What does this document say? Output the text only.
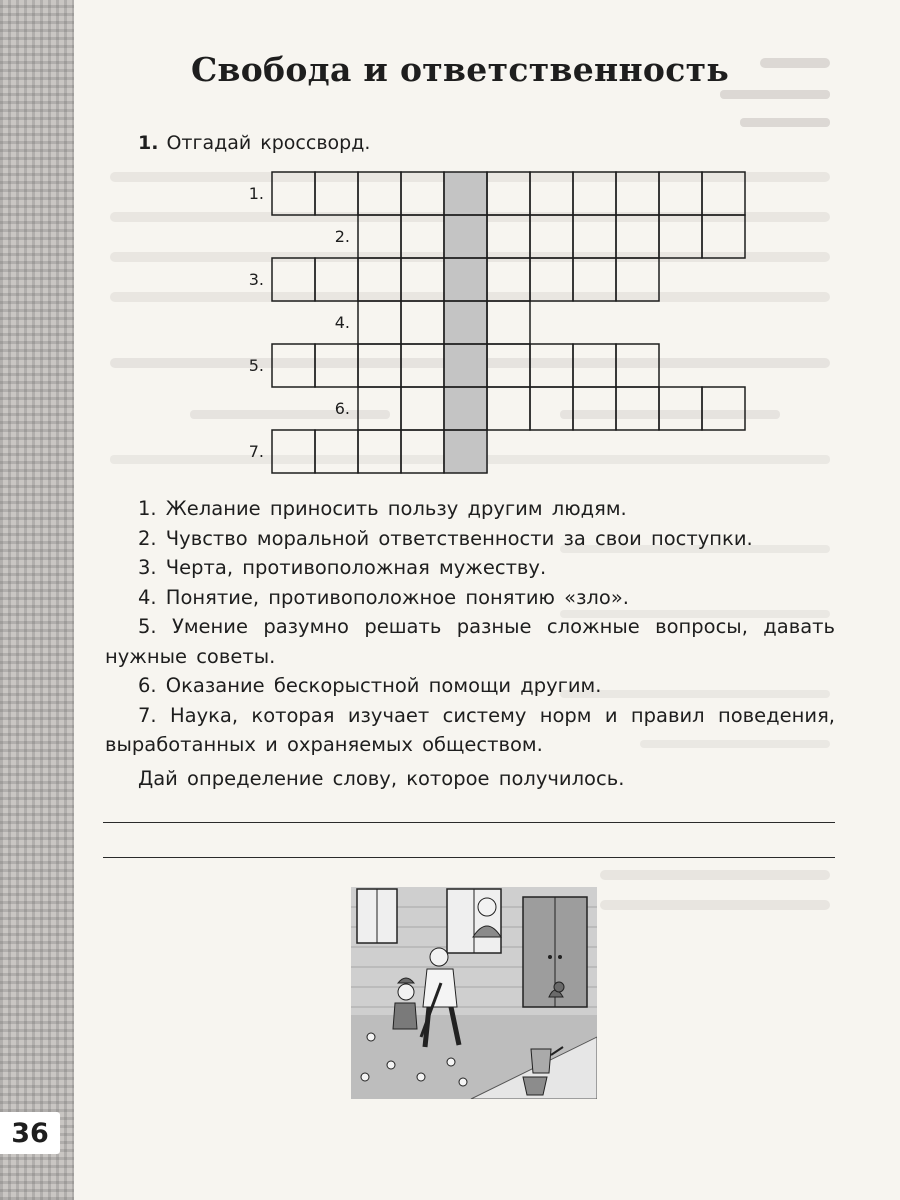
36
Свобода и ответственность
1. Отгадай кроссворд.
1.
2.
3.
4.
5.
6.
7.

1. Желание приносить пользу другим людям.

2. Чувство моральной ответственности за свои поступки.

3. Черта, противоположная мужеству.

4. Понятие, противоположное понятию «зло».

5. Умение разумно решать разные сложные вопросы, давать нужные советы.

6. Оказание бескорыстной помощи другим.

7. Наука, которая изучает систему норм и правил поведения, выработанных и охраняемых обществом.

Дай определение слову, которое получилось.
